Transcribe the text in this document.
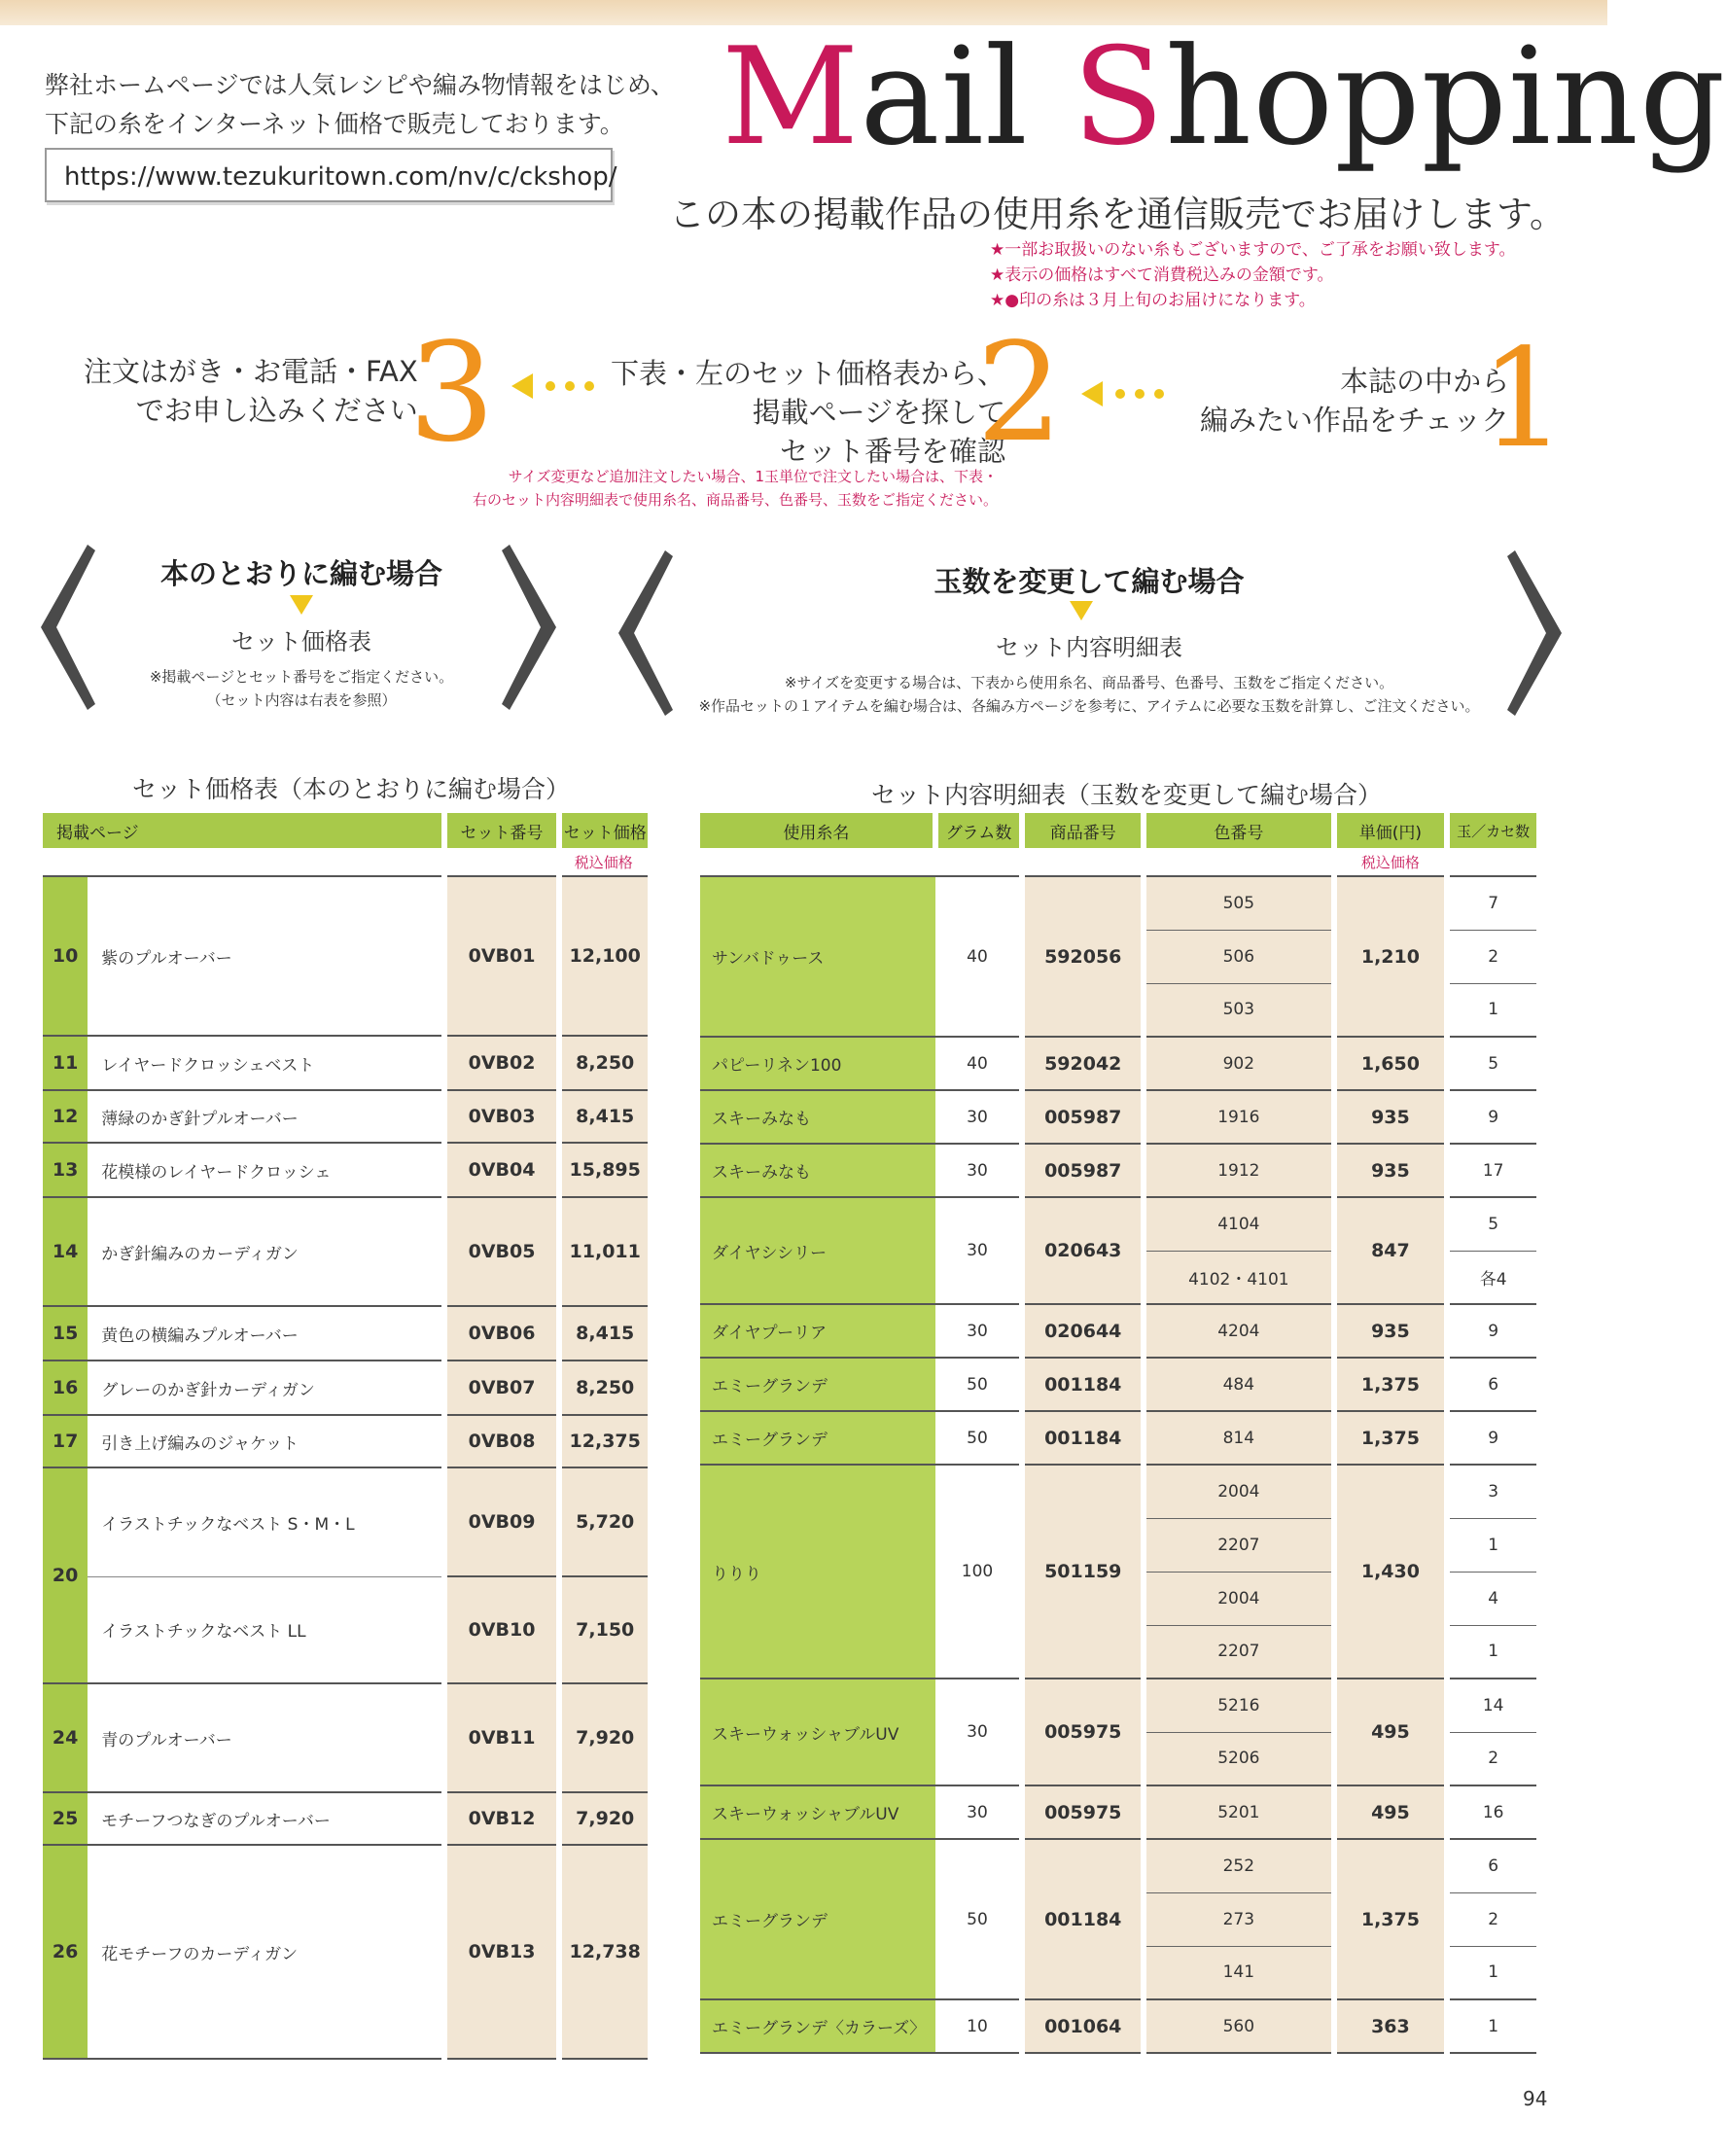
弊社ホームページでは人気レシピや編み物情報をはじめ、
下記の糸をインターネット価格で販売しております。
https://www.tezukuritown.com/nv/c/ckshop/
Mail Shopping
この本の掲載作品の使用糸を通信販売でお届けします。
★一部お取扱いのない糸もございますので、ご了承をお願い致します。
★表示の価格はすべて消費税込みの金額です。
★●印の糸は３月上旬のお届けになります。
注文はがき・お電話・FAX
でお申し込みください
3	下表・左のセット価格表から、
掲載ページを探して
セット番号を確認
2	本誌の中から
編みたい作品をチェック
1
サイズ変更など追加注文したい場合、1玉単位で注文したい場合は、下表・
右のセット内容明細表で使用糸名、商品番号、色番号、玉数をご指定ください。
本のとおりに編む場合
セット価格表
※掲載ページとセット番号をご指定ください。
（セット内容は右表を参照）
玉数を変更して編む場合
セット内容明細表
※サイズを変更する場合は、下表から使用糸名、商品番号、色番号、玉数をご指定ください。
※作品セットの１アイテムを編む場合は、各編み方ページを参考に、アイテムに必要な玉数を計算し、ご注文ください。
セット価格表（本のとおりに編む場合）	セット内容明細表（玉数を変更して編む場合）
掲載ページ		セット番号	セット価格
			税込価格
10	紫のプルオーバー	0VB01	12,100
11	レイヤードクロッシェベスト	0VB02	8,250
12	薄緑のかぎ針プルオーバー	0VB03	8,415
13	花模様のレイヤードクロッシェ	0VB04	15,895
14	かぎ針編みのカーディガン	0VB05	11,011
15	黄色の横編みプルオーバー	0VB06	8,415
16	グレーのかぎ針カーディガン	0VB07	8,250
17	引き上げ編みのジャケット	0VB08	12,375
20	イラストチックなベスト S・M・L	0VB09	5,720
	イラストチックなベスト LL	0VB10	7,150
24	青のプルオーバー	0VB11	7,920
25	モチーフつなぎのプルオーバー	0VB12	7,920
26	花モチーフのカーディガン	0VB13	12,738
使用糸名	グラム数	商品番号	色番号	単価(円)	玉／カセ数
				税込価格	
サンバドゥース	40	592056	505	1,210	7
			506		2
			503		1
パピーリネン100	40	592042	902	1,650	5
スキーみなも	30	005987	1916	935	9
スキーみなも	30	005987	1912	935	17
ダイヤシシリー	30	020643	4104	847	5
			4102・4101		各4
ダイヤプーリア	30	020644	4204	935	9
エミーグランデ	50	001184	484	1,375	6
エミーグランデ	50	001184	814	1,375	9
りりり	100	501159	2004	1,430	3
			2207		1
			2004		4
			2207		1
スキーウォッシャブルUV	30	005975	5216	495	14
			5206		2
スキーウォッシャブルUV	30	005975	5201	495	16
エミーグランデ	50	001184	252	1,375	6
			273		2
			141		1
エミーグランデ〈カラーズ〉	10	001064	560	363	1
94
